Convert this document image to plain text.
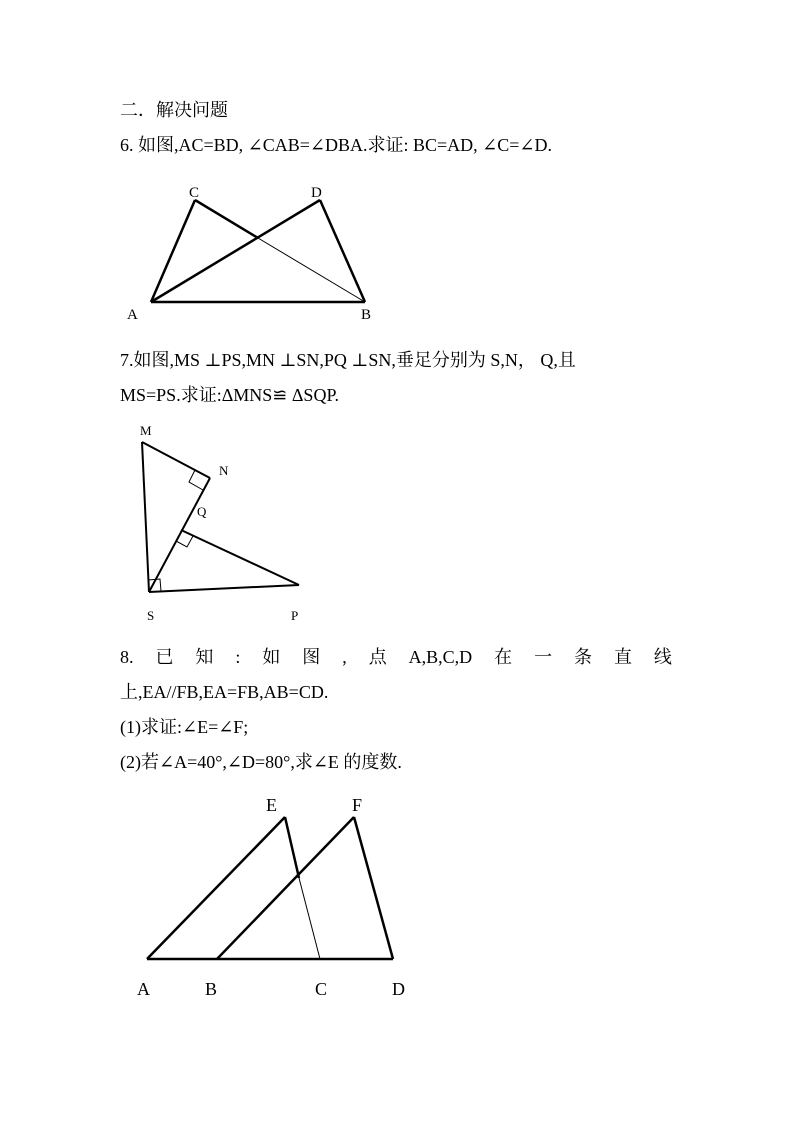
二．解决问题
6. 如图,AC=BD, ∠CAB=∠DBA.求证: BC=AD, ∠C=∠D.
C	D
A	B
7.如图,MS ⊥PS,MN ⊥SN,PQ ⊥SN,垂足分别为 S,N， Q,且
MS=PS.求证:ΔMNS≌ ΔSQP.
M
N
Q
S	P
8. 已 知 : 如 图 , 点 A,B,C,D 在 一 条 直 线
上,EA//FB,EA=FB,AB=CD.
(1)求证:∠E=∠F;
(2)若∠A=40°,∠D=80°,求∠E 的度数.
E	F
A	B	C	D
